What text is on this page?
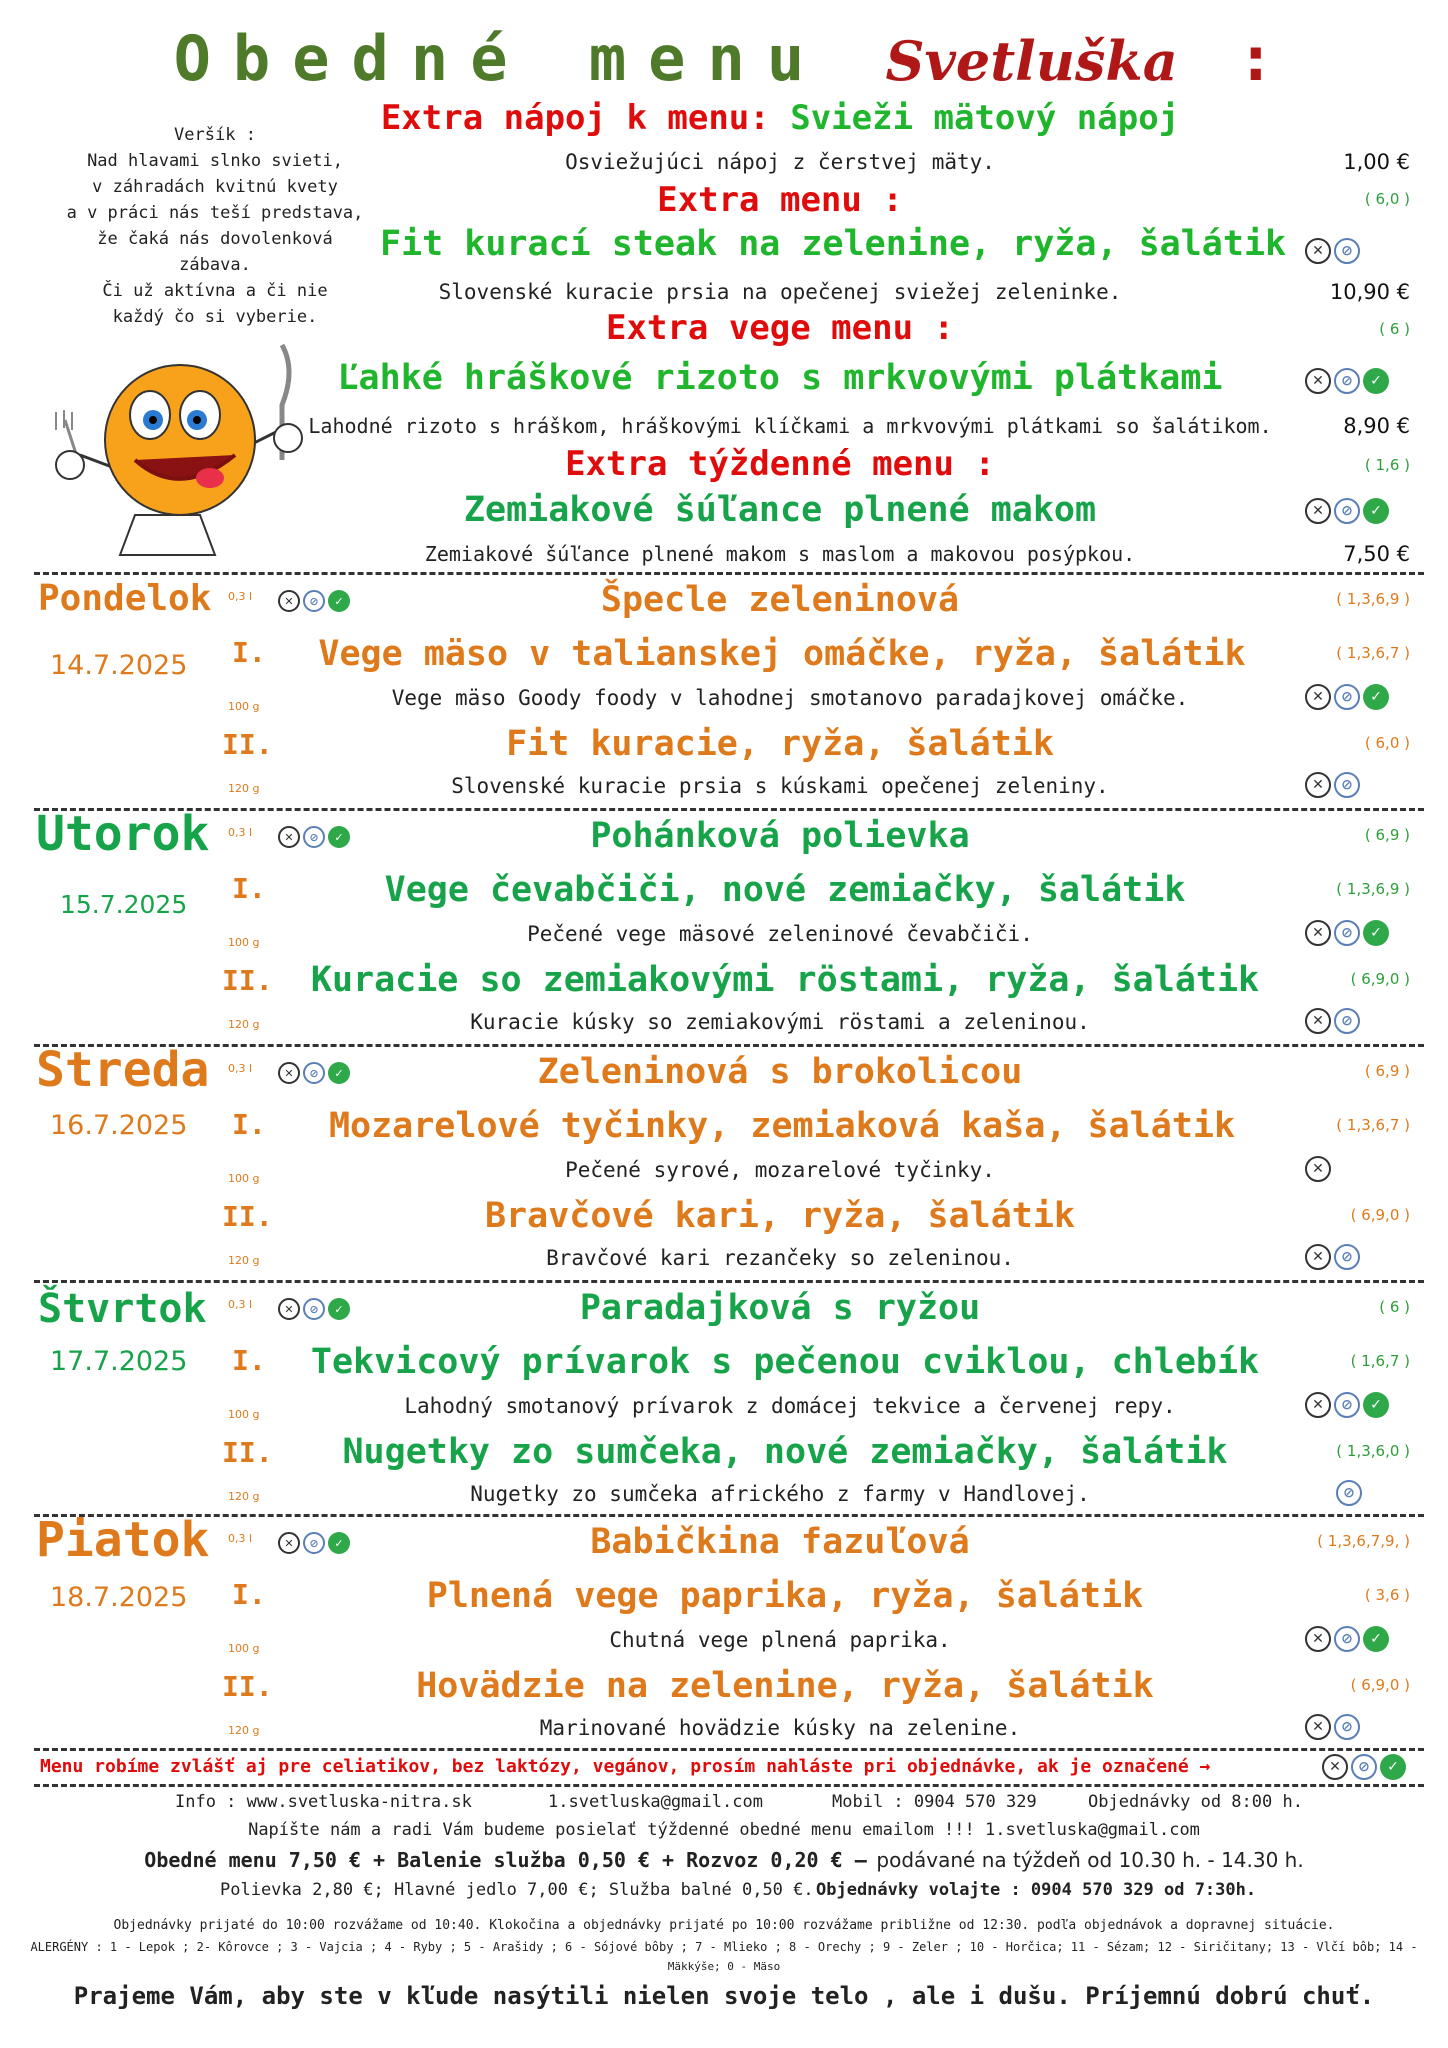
Obedné menu Svetluška :
Veršík :
Nad hlavami slnko svieti,
v záhradách kvitnú kvety
a v práci nás teší predstava,
že čaká nás dovolenková
zábava.
Či už aktívna a či nie
každý čo si vyberie.
Extra nápoj k menu: Svieži mätový nápoj
Osviežujúci nápoj z čerstvej mäty.	1,00 €
( 6,0 )
Extra menu :
Fit kurací steak na zelenine, ryža, šalátik	✕	⊘
Slovenské kuracie prsia na opečenej sviežej zeleninke.	10,90 €
( 6 )
Extra vege menu :
Ľahké hráškové rizoto s mrkvovými plátkami	✕	⊘	✓
Lahodné rizoto s hráškom, hráškovými klíčkami a mrkvovými plátkami so šalátikom.	8,90 €
( 1,6 )
Extra týždenné menu :
Zemiakové šúľance plnené makom	✕	⊘	✓
Zemiakové šúľance plnené makom s maslom a makovou posýpkou.	7,50 €
Pondelok
14.7.2025
0,3 l	✕	⊘	✓	Špecle zeleninová	( 1,3,6,9 )
I.	Vege mäso v talianskej omáčke, ryža, šalátik	( 1,3,6,7 )
100 g	Vege mäso Goody foody v lahodnej smotanovo paradajkovej omáčke.	✕	⊘	✓
II.	Fit kuracie, ryža, šalátik	( 6,0 )
120 g	Slovenské kuracie prsia s kúskami opečenej zeleniny.	✕	⊘
Utorok
15.7.2025
0,3 l	✕	⊘	✓	Pohánková polievka	( 6,9 )
I.	Vege čevabčiči, nové zemiačky, šalátik	( 1,3,6,9 )
100 g	Pečené vege mäsové zeleninové čevabčiči.	✕	⊘	✓
II.	Kuracie so zemiakovými röstami, ryža, šalátik	( 6,9,0 )
120 g	Kuracie kúsky so zemiakovými röstami a zeleninou.	✕	⊘
Streda
16.7.2025
0,3 l	✕	⊘	✓	Zeleninová s brokolicou	( 6,9 )
I.	Mozarelové tyčinky, zemiaková kaša, šalátik	( 1,3,6,7 )
100 g	Pečené syrové, mozarelové tyčinky.	✕
II.	Bravčové kari, ryža, šalátik	( 6,9,0 )
120 g	Bravčové kari rezančeky so zeleninou.	✕	⊘
Štvrtok
17.7.2025
0,3 l	✕	⊘	✓	Paradajková s ryžou	( 6 )
I.	Tekvicový prívarok s pečenou cviklou, chlebík	( 1,6,7 )
100 g	Lahodný smotanový prívarok z domácej tekvice a červenej repy.	✕	⊘	✓
II.	Nugetky zo sumčeka, nové zemiačky, šalátik	( 1,3,6,0 )
120 g	Nugetky zo sumčeka afrického z farmy v Handlovej.	⊘
Piatok
18.7.2025
0,3 l	✕	⊘	✓	Babičkina fazuľová	( 1,3,6,7,9, )
I.	Plnená vege paprika, ryža, šalátik	( 3,6 )
100 g	Chutná vege plnená paprika.	✕	⊘	✓
II.	Hovädzie na zelenine, ryža, šalátik	( 6,9,0 )
120 g	Marinované hovädzie kúsky na zelenine.	✕	⊘
Menu robíme zvlášť aj pre celiatikov, bez laktózy, vegánov, prosím nahláste pri objednávke, ak je označené →	✕	⊘	✓
Info : www.svetluska-nitra.sk	1.svetluska@gmail.com	Mobil : 0904 570 329	Objednávky od 8:00 h.
Napíšte nám a radi Vám budeme posielať týždenné obedné menu emailom !!! 1.svetluska@gmail.com
Obedné menu 7,50 € + Balenie služba 0,50 € + Rozvoz 0,20 € – podávané na týždeň od 10.30 h. - 14.30 h.
Polievka 2,80 €; Hlavné jedlo 7,00 €; Služba balné 0,50 €. Objednávky volajte : 0904 570 329 od 7:30h.
Objednávky prijaté do 10:00 rozvážame od 10:40. Klokočina a objednávky prijaté po 10:00 rozvážame približne od 12:30. podľa objednávok a dopravnej situácie.
ALERGÉNY : 1 - Lepok ; 2- Kôrovce ; 3 - Vajcia ; 4 - Ryby ; 5 - Arašidy ; 6 - Sójové bôby ; 7 - Mlieko ; 8 - Orechy ; 9 - Zeler ; 10 - Horčica; 11 - Sézam; 12 - Siričitany; 13 - Vlčí bôb; 14 -
Mäkkýše; 0 - Mäso
Prajeme Vám, aby ste v kľude nasýtili nielen svoje telo , ale i dušu. Príjemnú dobrú chuť.
